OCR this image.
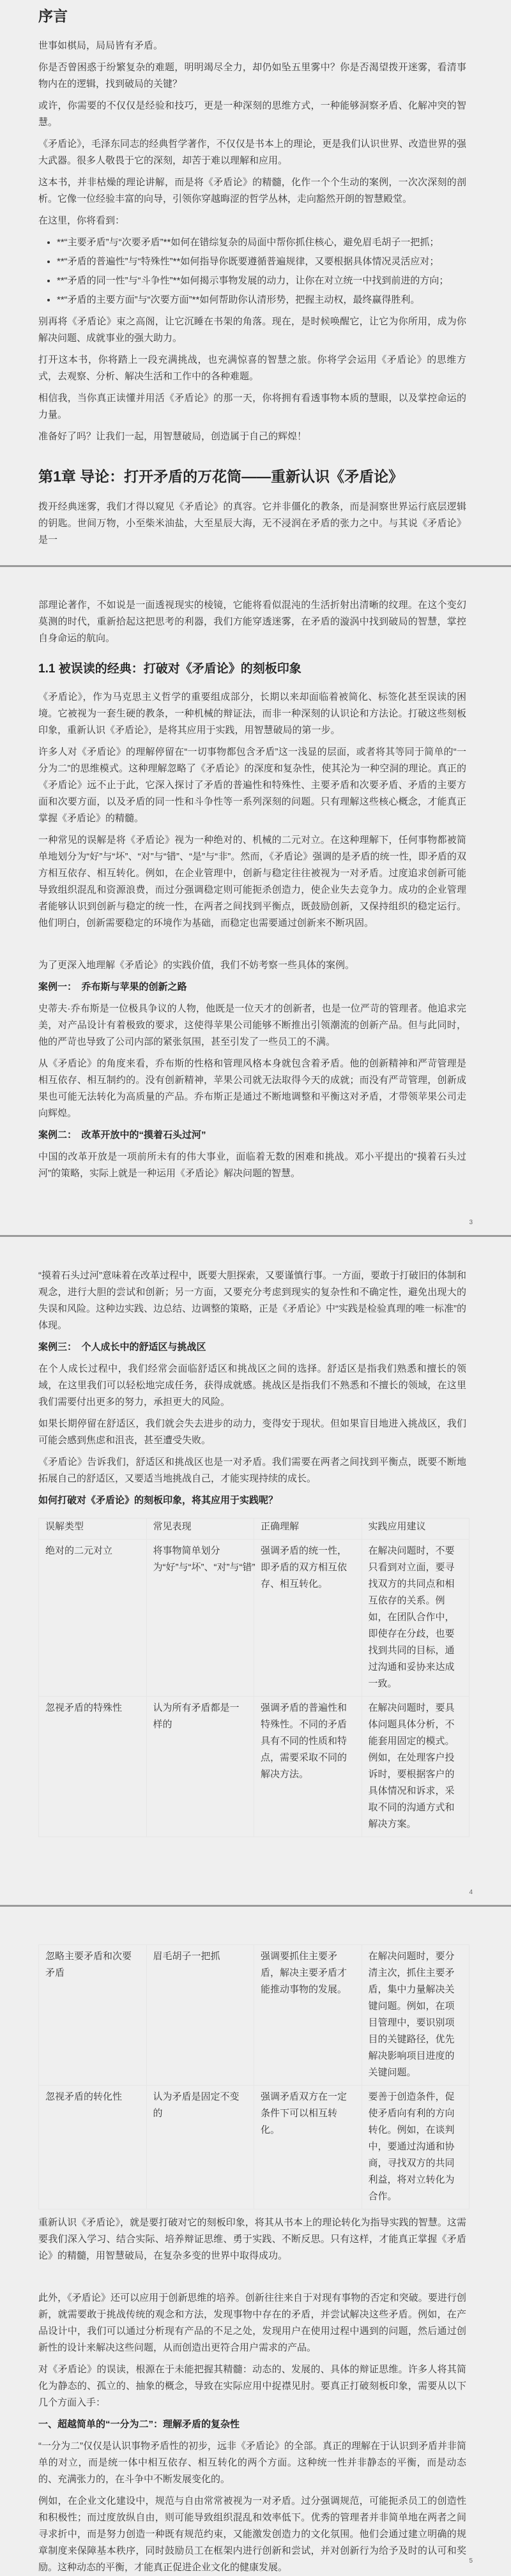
序言

世事如棋局，局局皆有矛盾。

你是否曾困惑于纷繁复杂的难题，明明竭尽全力，却仍如坠五里雾中？你是否渴望拨开迷雾，看清事物内在的逻辑，找到破局的关键？

或许，你需要的不仅仅是经验和技巧，更是一种深刻的思维方式，一种能够洞察矛盾、化解冲突的智慧。

《矛盾论》，毛泽东同志的经典哲学著作，不仅仅是书本上的理论，更是我们认识世界、改造世界的强大武器。很多人敬畏于它的深刻，却苦于难以理解和应用。

这本书，并非枯燥的理论讲解，而是将《矛盾论》的精髓，化作一个个生动的案例，一次次深刻的剖析。它像一位经验丰富的向导，引领你穿越晦涩的哲学丛林，走向豁然开朗的智慧殿堂。

在这里，你将看到：

• **“主要矛盾”与“次要矛盾”**如何在错综复杂的局面中帮你抓住核心，避免眉毛胡子一把抓；
• **“矛盾的普遍性”与“特殊性”**如何指导你既要遵循普遍规律，又要根据具体情况灵活应对；
• **“矛盾的同一性”与“斗争性”**如何揭示事物发展的动力，让你在对立统一中找到前进的方向；
• **“矛盾的主要方面”与“次要方面”**如何帮助你认清形势，把握主动权，最终赢得胜利。

别再将《矛盾论》束之高阁，让它沉睡在书架的角落。现在，是时候唤醒它，让它为你所用，成为你解决问题、成就事业的强大助力。

打开这本书，你将踏上一段充满挑战，也充满惊喜的智慧之旅。你将学会运用《矛盾论》的思维方式，去观察、分析、解决生活和工作中的各种难题。

相信我，当你真正读懂并用活《矛盾论》的那一天，你将拥有看透事物本质的慧眼，以及掌控命运的力量。

准备好了吗？让我们一起，用智慧破局，创造属于自己的辉煌！

第1章 导论：打开矛盾的万花筒——重新认识《矛盾论》

拨开经典迷雾，我们才得以窥见《矛盾论》的真容。它并非僵化的教条，而是洞察世界运行底层逻辑的钥匙。世间万物，小至柴米油盐，大至星辰大海，无不浸润在矛盾的张力之中。与其说《矛盾论》是一

部理论著作，不如说是一面透视现实的棱镜，它能将看似混沌的生活折射出清晰的纹理。在这个变幻莫测的时代，重新拾起这把思考的利器，我们方能穿透迷雾，在矛盾的漩涡中找到破局的智慧，掌控自身命运的航向。

1.1 被误读的经典：打破对《矛盾论》的刻板印象

《矛盾论》，作为马克思主义哲学的重要组成部分，长期以来却面临着被简化、标签化甚至误读的困境。它被视为一套生硬的教条，一种机械的辩证法，而非一种深刻的认识论和方法论。打破这些刻板印象，重新认识《矛盾论》，是将其应用于实践，用智慧破局的第一步。

许多人对《矛盾论》的理解停留在“一切事物都包含矛盾”这一浅显的层面，或者将其等同于简单的“一分为二”的思维模式。这种理解忽略了《矛盾论》的深度和复杂性，使其沦为一种空洞的理论。真正的《矛盾论》远不止于此，它深入探讨了矛盾的普遍性和特殊性、主要矛盾和次要矛盾、矛盾的主要方面和次要方面，以及矛盾的同一性和斗争性等一系列深刻的问题。只有理解这些核心概念，才能真正掌握《矛盾论》的精髓。

一种常见的误解是将《矛盾论》视为一种绝对的、机械的二元对立。在这种理解下，任何事物都被简单地划分为“好”与“坏”、“对”与“错”、“是”与“非”。然而，《矛盾论》强调的是矛盾的统一性，即矛盾的双方相互依存、相互转化。例如，在企业管理中，创新与稳定往往被视为一对矛盾。过度追求创新可能导致组织混乱和资源浪费，而过分强调稳定则可能扼杀创造力，使企业失去竞争力。成功的企业管理者能够认识到创新与稳定的统一性，在两者之间找到平衡点，既鼓励创新，又保持组织的稳定运行。他们明白，创新需要稳定的环境作为基础，而稳定也需要通过创新来不断巩固。

为了更深入地理解《矛盾论》的实践价值，我们不妨考察一些具体的案例。

案例一：　乔布斯与苹果的创新之路

史蒂夫·乔布斯是一位极具争议的人物，他既是一位天才的创新者，也是一位严苛的管理者。他追求完美，对产品设计有着极致的要求，这使得苹果公司能够不断推出引领潮流的创新产品。但与此同时，他的严苛也导致了公司内部的紧张氛围，甚至引发了一些员工的不满。

从《矛盾论》的角度来看，乔布斯的性格和管理风格本身就包含着矛盾。他的创新精神和严苛管理是相互依存、相互制约的。没有创新精神，苹果公司就无法取得今天的成就；而没有严苛管理，创新成果也可能无法转化为高质量的产品。乔布斯正是通过不断地调整和平衡这对矛盾，才带领苹果公司走向辉煌。

案例二：　改革开放中的“摸着石头过河”

中国的改革开放是一项前所未有的伟大事业，面临着无数的困难和挑战。邓小平提出的“摸着石头过河”的策略，实际上就是一种运用《矛盾论》解决问题的智慧。

3

“摸着石头过河”意味着在改革过程中，既要大胆探索，又要谨慎行事。一方面，要敢于打破旧的体制和观念，进行大胆的尝试和创新；另一方面，又要充分考虑到现实的复杂性和不确定性，避免出现大的失误和风险。这种边实践、边总结、边调整的策略，正是《矛盾论》中“实践是检验真理的唯一标准”的体现。

案例三：　个人成长中的舒适区与挑战区

在个人成长过程中，我们经常会面临舒适区和挑战区之间的选择。舒适区是指我们熟悉和擅长的领域，在这里我们可以轻松地完成任务，获得成就感。挑战区是指我们不熟悉和不擅长的领域，在这里我们需要付出更多的努力，承担更大的风险。

如果长期停留在舒适区，我们就会失去进步的动力，变得安于现状。但如果盲目地进入挑战区，我们可能会感到焦虑和沮丧，甚至遭受失败。

《矛盾论》告诉我们，舒适区和挑战区也是一对矛盾。我们需要在两者之间找到平衡点，既要不断地拓展自己的舒适区，又要适当地挑战自己，才能实现持续的成长。

如何打破对《矛盾论》的刻板印象，将其应用于实践呢？

误解类型	常见表现	正确理解	实践应用建议
绝对的二元对立	将事物简单划分为“好”与“坏”、“对”与“错”	强调矛盾的统一性，即矛盾的双方相互依存、相互转化。	在解决问题时，不要只看到对立面，要寻找双方的共同点和相互依存的关系。例如，在团队合作中，即使存在分歧，也要找到共同的目标，通过沟通和妥协来达成一致。
忽视矛盾的特殊性	认为所有矛盾都是一样的	强调矛盾的普遍性和特殊性。不同的矛盾具有不同的性质和特点，需要采取不同的解决方法。	在解决问题时，要具体问题具体分析，不能套用固定的模式。例如，在处理客户投诉时，要根据客户的具体情况和诉求，采取不同的沟通方式和解决方案。
4
忽略主要矛盾和次要矛盾	眉毛胡子一把抓	强调要抓住主要矛盾，解决主要矛盾才能推动事物的发展。	在解决问题时，要分清主次，抓住主要矛盾，集中力量解决关键问题。例如，在项目管理中，要识别项目的关键路径，优先解决影响项目进度的关键问题。
忽视矛盾的转化性	认为矛盾是固定不变的	强调矛盾双方在一定条件下可以相互转化。	要善于创造条件，促使矛盾向有利的方向转化。例如，在谈判中，要通过沟通和协商，寻找双方的共同利益，将对立转化为合作。

重新认识《矛盾论》，就是要打破对它的刻板印象，将其从书本上的理论转化为指导实践的智慧。这需要我们深入学习、结合实际、培养辩证思维、勇于实践、不断反思。只有这样，才能真正掌握《矛盾论》的精髓，用智慧破局，在复杂多变的世界中取得成功。

此外，《矛盾论》还可以应用于创新思维的培养。创新往往来自于对现有事物的否定和突破。要进行创新，就需要敢于挑战传统的观念和方法，发现事物中存在的矛盾，并尝试解决这些矛盾。例如，在产品设计中，我们可以通过分析现有产品的不足之处，发现用户在使用过程中遇到的问题，然后通过创新性的设计来解决这些问题，从而创造出更符合用户需求的产品。

对《矛盾论》的误读，根源在于未能把握其精髓：动态的、发展的、具体的辩证思维。许多人将其简化为静态的、孤立的、抽象的概念，导致在实际应用中捉襟见肘。要真正打破刻板印象，需要从以下几个方面入手：

一、超越简单的“一分为二”：理解矛盾的复杂性

“一分为二”仅仅是认识事物矛盾性的初步，远非《矛盾论》的全部。真正的理解在于认识到矛盾并非简单的对立，而是统一体中相互依存、相互转化的两个方面。这种统一性并非静态的平衡，而是动态的、充满张力的，在斗争中不断发展变化的。

例如，在企业文化建设中，规范与自由常常被视为一对矛盾。过分强调规范，可能扼杀员工的创造性和积极性；而过度放纵自由，则可能导致组织混乱和效率低下。优秀的管理者并非简单地在两者之间寻求折中，而是努力创造一种既有规范约束，又能激发创造力的文化氛围。他们会通过建立明确的规章制度来保障基本秩序，同时鼓励员工在框架内进行创新和尝试，并对创新行为给予及时的认可和奖励。这种动态的平衡，才能真正促进企业文化的健康发展。

5
